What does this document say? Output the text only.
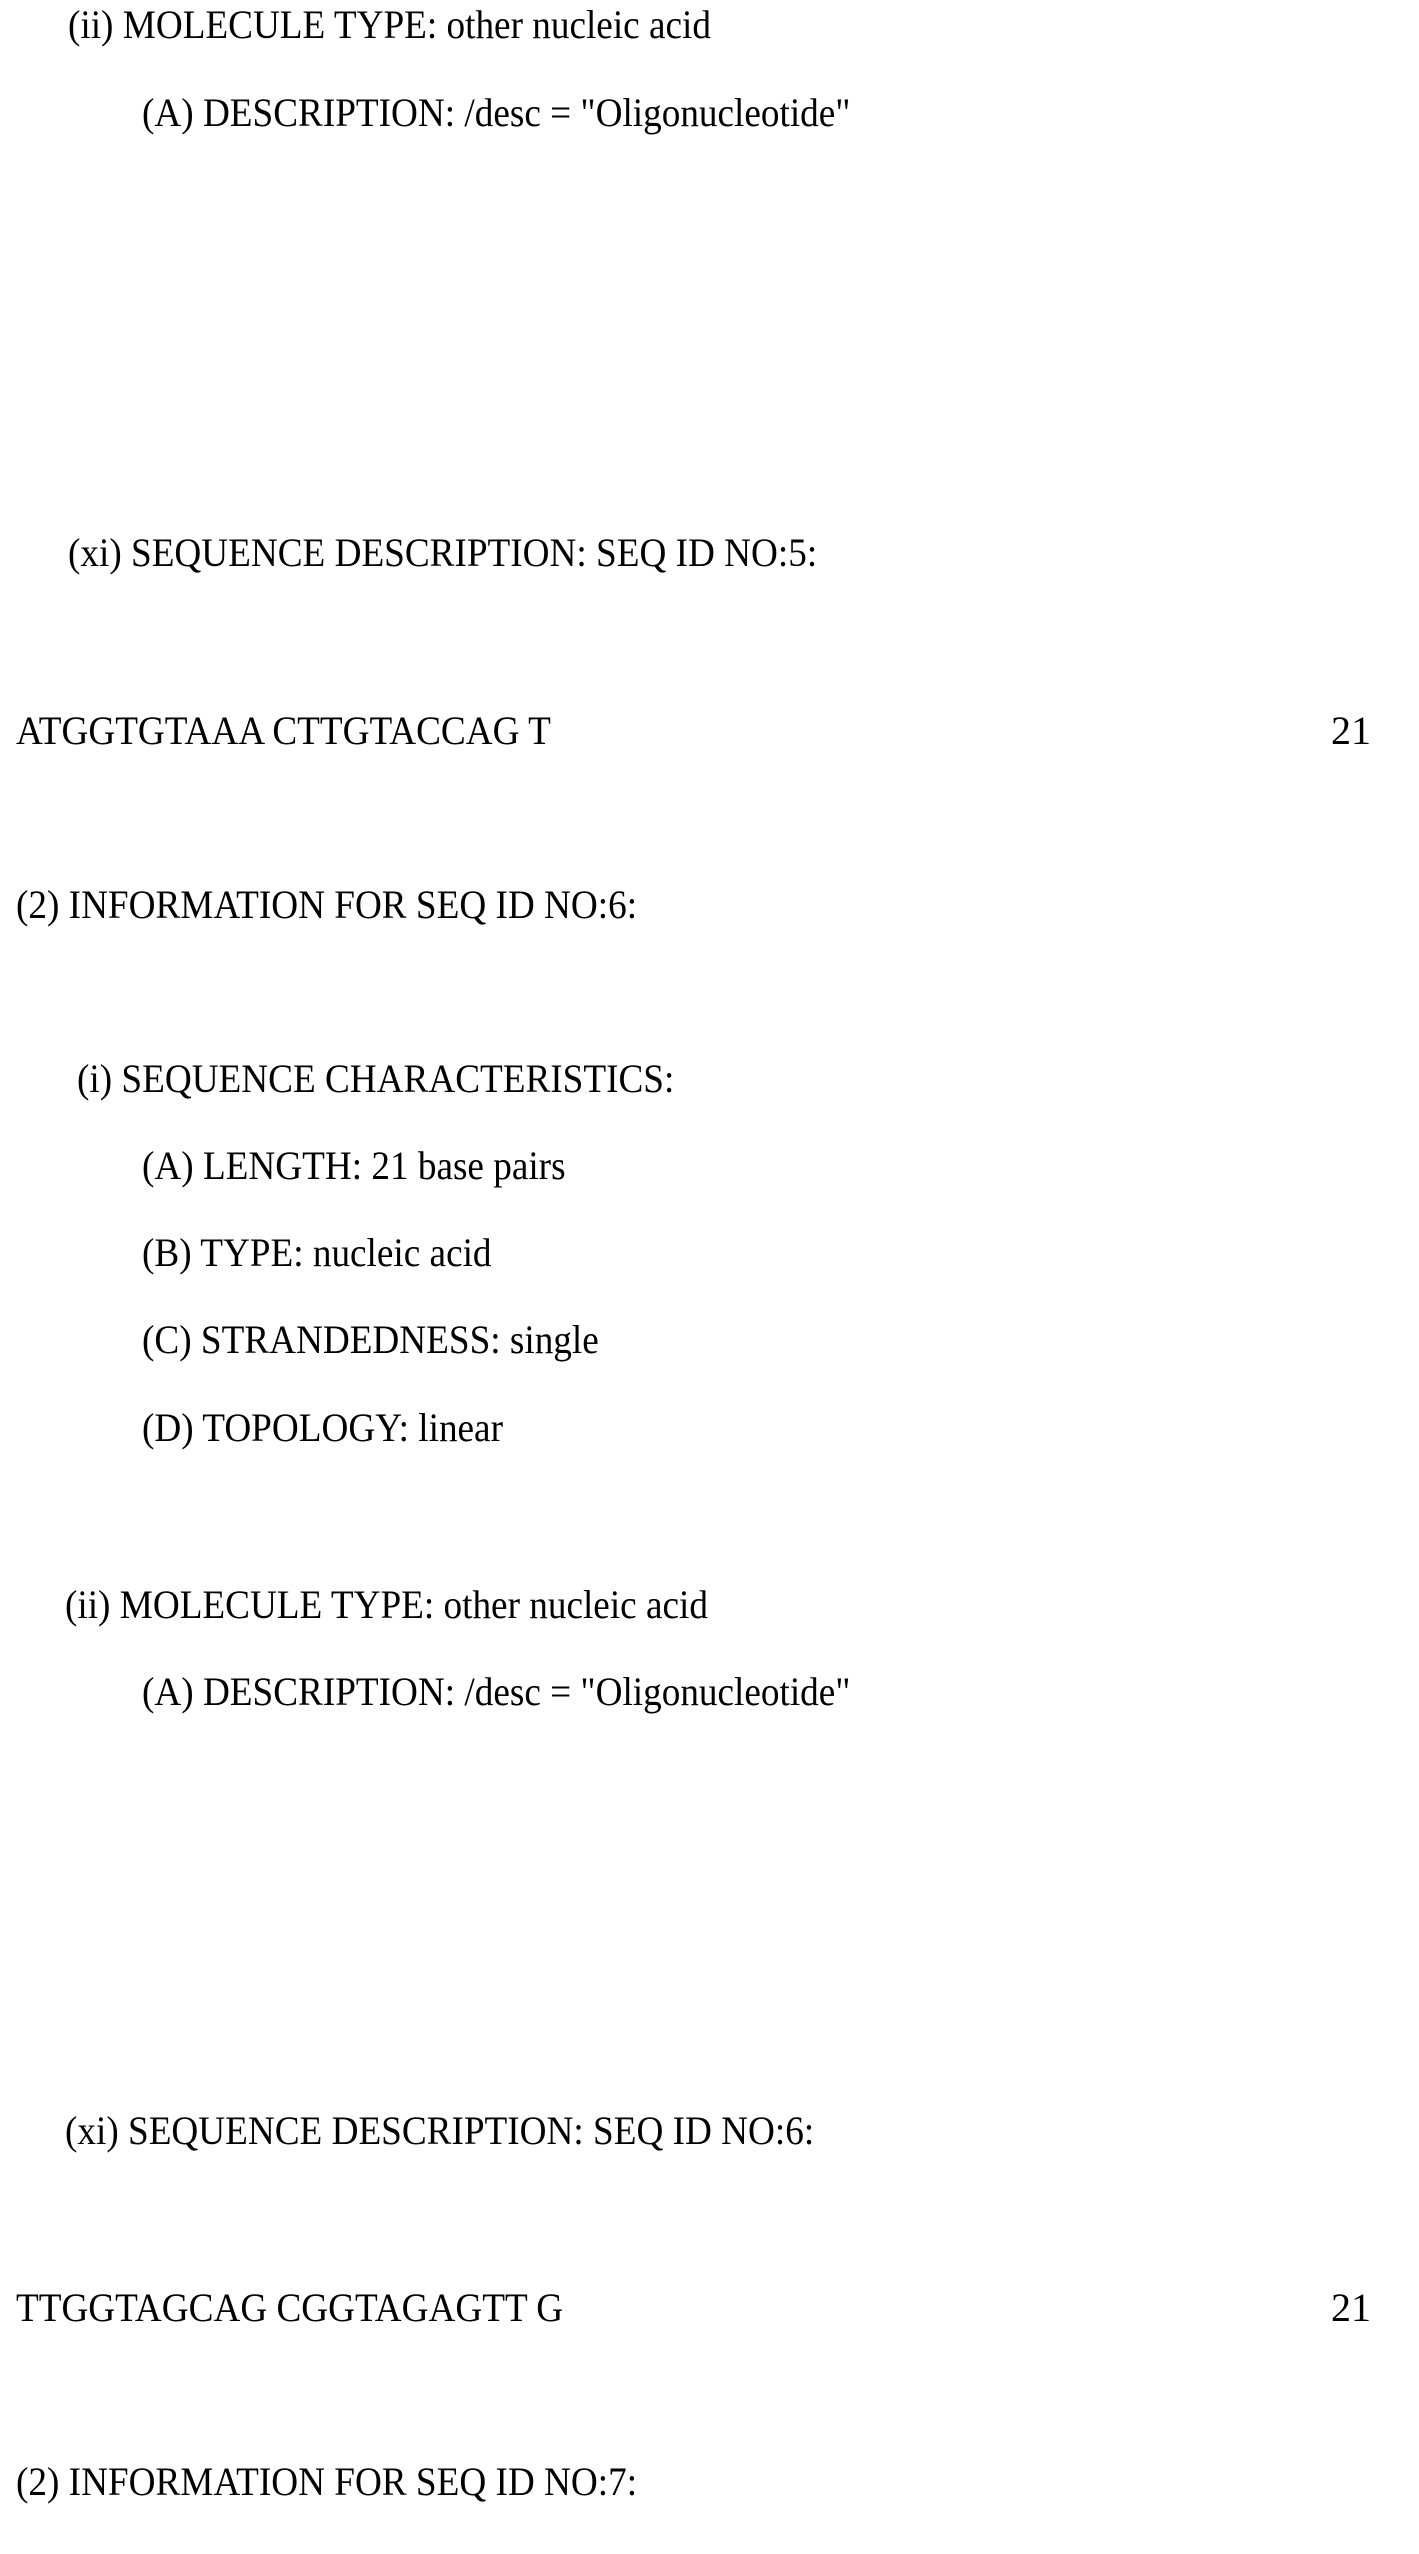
(ii) MOLECULE TYPE: other nucleic acid
(A) DESCRIPTION: /desc = "Oligonucleotide"
(xi) SEQUENCE DESCRIPTION: SEQ ID NO:5:
ATGGTGTAAA CTTGTACCAG T	21
(2) INFORMATION FOR SEQ ID NO:6:
(i) SEQUENCE CHARACTERISTICS:
(A) LENGTH: 21 base pairs
(B) TYPE: nucleic acid
(C) STRANDEDNESS: single
(D) TOPOLOGY: linear
(ii) MOLECULE TYPE: other nucleic acid
(A) DESCRIPTION: /desc = "Oligonucleotide"
(xi) SEQUENCE DESCRIPTION: SEQ ID NO:6:
TTGGTAGCAG CGGTAGAGTT G	21
(2) INFORMATION FOR SEQ ID NO:7:
